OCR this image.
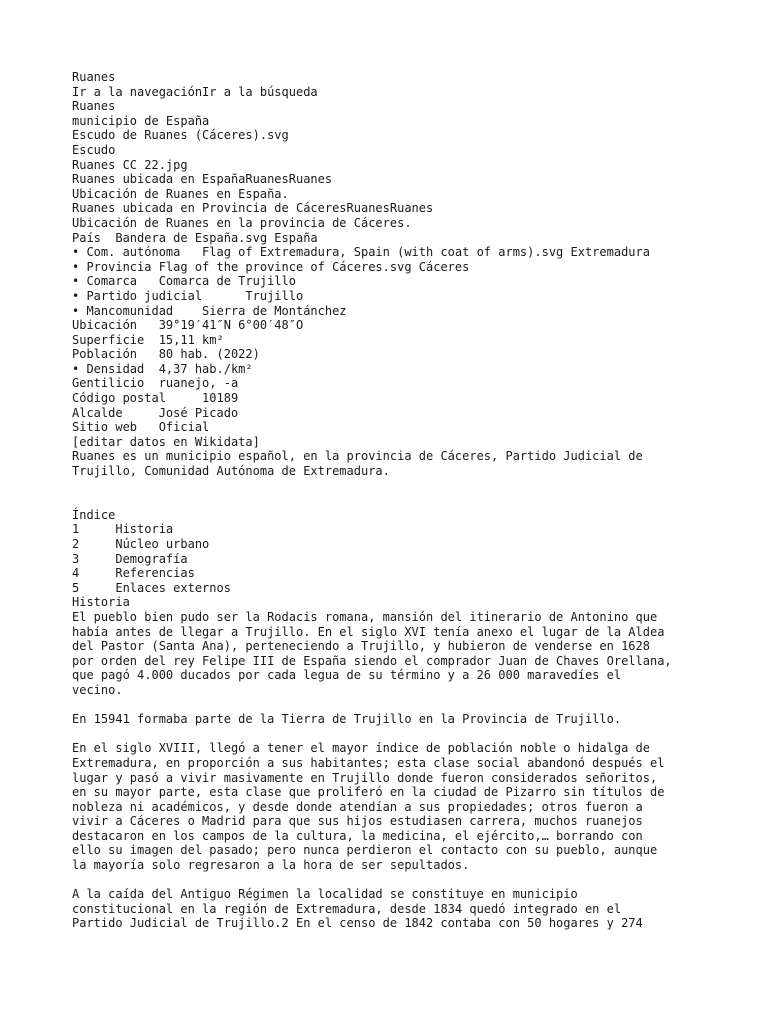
Ruanes
Ir a la navegaciónIr a la búsqueda
Ruanes
municipio de España
Escudo de Ruanes (Cáceres).svg
Escudo
Ruanes CC 22.jpg
Ruanes ubicada en EspañaRuanesRuanes
Ubicación de Ruanes en España.
Ruanes ubicada en Provincia de CáceresRuanesRuanes
Ubicación de Ruanes en la provincia de Cáceres.
País  Bandera de España.svg España
• Com. autónoma   Flag of Extremadura, Spain (with coat of arms).svg Extremadura
• Provincia Flag of the province of Cáceres.svg Cáceres
• Comarca   Comarca de Trujillo
• Partido judicial      Trujillo
• Mancomunidad    Sierra de Montánchez
Ubicación   39°19′41″N 6°00′48″O
Superficie  15,11 km²
Población   80 hab. (2022)
• Densidad  4,37 hab./km²
Gentilicio  ruanejo, -a
Código postal     10189
Alcalde     José Picado
Sitio web   Oficial
[editar datos en Wikidata]
Ruanes es un municipio español, en la provincia de Cáceres, Partido Judicial de
Trujillo, Comunidad Autónoma de Extremadura.
Índice
1     Historia
2     Núcleo urbano
3     Demografía
4     Referencias
5     Enlaces externos
Historia
El pueblo bien pudo ser la Rodacis romana, mansión del itinerario de Antonino que
había antes de llegar a Trujillo. En el siglo XVI tenía anexo el lugar de la Aldea
del Pastor (Santa Ana), perteneciendo a Trujillo, y hubieron de venderse en 1628
por orden del rey Felipe III de España siendo el comprador Juan de Chaves Orellana,
que pagó 4.000 ducados por cada legua de su término y a 26 000 maravedíes el
vecino.
En 15941 formaba parte de la Tierra de Trujillo en la Provincia de Trujillo.
En el siglo XVIII, llegó a tener el mayor índice de población noble o hidalga de
Extremadura, en proporción a sus habitantes; esta clase social abandonó después el
lugar y pasó a vivir masivamente en Trujillo donde fueron considerados señoritos,
en su mayor parte, esta clase que proliferó en la ciudad de Pizarro sin títulos de
nobleza ni académicos, y desde donde atendían a sus propiedades; otros fueron a
vivir a Cáceres o Madrid para que sus hijos estudiasen carrera, muchos ruanejos
destacaron en los campos de la cultura, la medicina, el ejército,… borrando con
ello su imagen del pasado; pero nunca perdieron el contacto con su pueblo, aunque
la mayoría solo regresaron a la hora de ser sepultados.
A la caída del Antiguo Régimen la localidad se constituye en municipio
constitucional en la región de Extremadura, desde 1834 quedó integrado en el
Partido Judicial de Trujillo.2 En el censo de 1842 contaba con 50 hogares y 274
